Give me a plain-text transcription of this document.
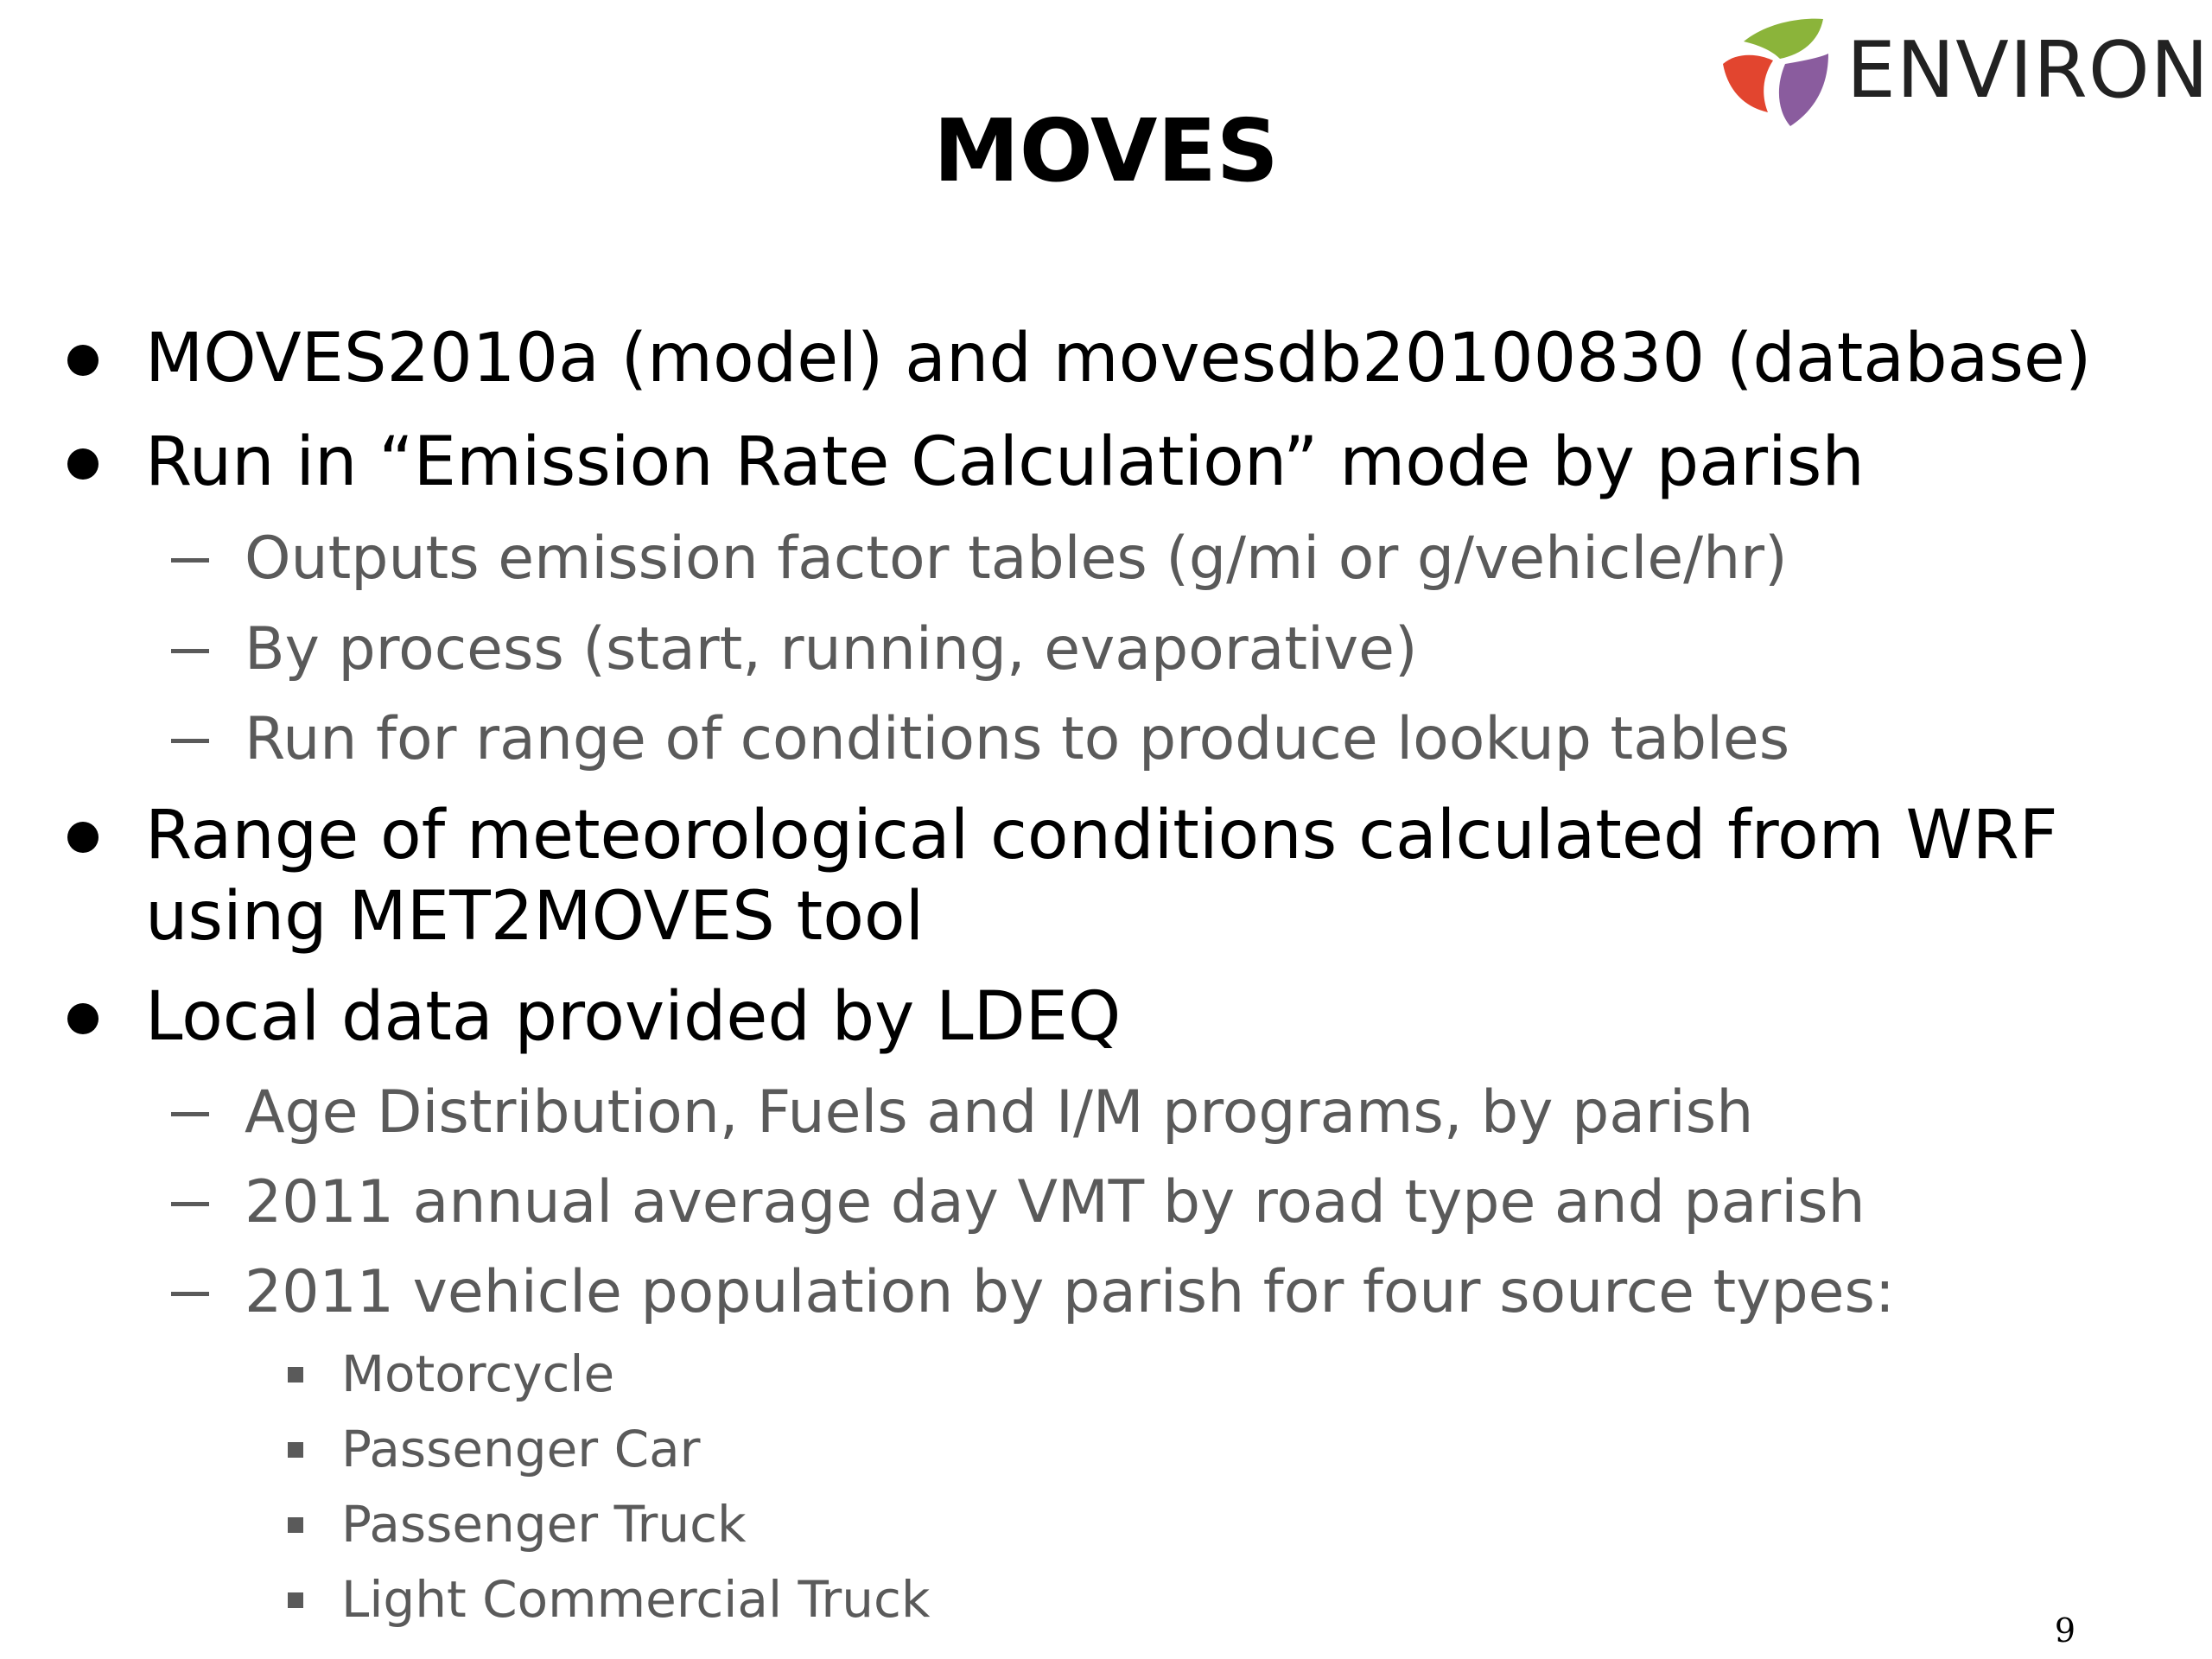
ENVIRON
MOVES
MOVES2010a (model) and movesdb20100830 (database)
Run in “Emission Rate Calculation” mode by parish
Outputs emission factor tables (g/mi or g/vehicle/hr)
By process (start, running, evaporative)
Run for range of conditions to produce lookup tables
Range of meteorological conditions calculated from WRF
using MET2MOVES tool
Local data provided by LDEQ
Age Distribution, Fuels and I/M programs, by parish
2011 annual average day VMT by road type and parish
2011 vehicle population by parish for four source types:
Motorcycle
Passenger Car
Passenger Truck
Light Commercial Truck
9
